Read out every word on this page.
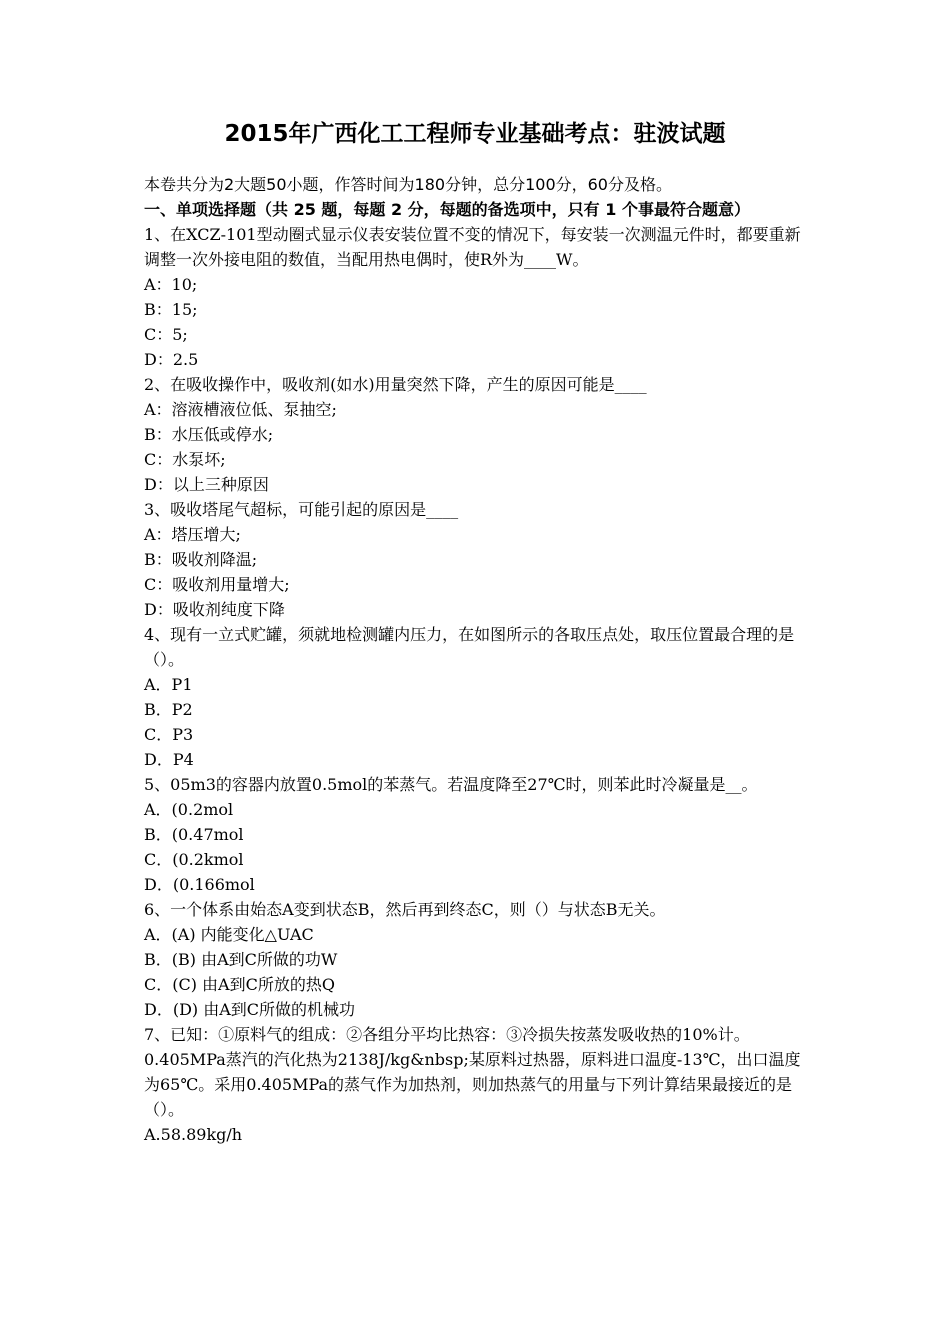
2015年广西化工工程师专业基础考点：驻波试题
本卷共分为2大题50小题，作答时间为180分钟，总分100分，60分及格。
一、单项选择题（共 25 题，每题 2 分，每题的备选项中，只有 1 个事最符合题意）
1、在XCZ-101型动圈式显示仪表安装位置不变的情况下，每安装一次测温元件时，都要重新调整一次外接电阻的数值，当配用热电偶时，使R外为____W。
A：10;
B：15;
C：5;
D：2.5
2、在吸收操作中，吸收剂(如水)用量突然下降，产生的原因可能是____
A：溶液槽液位低、泵抽空;
B：水压低或停水;
C：水泵坏;
D：以上三种原因
3、吸收塔尾气超标，可能引起的原因是____
A：塔压增大;
B：吸收剂降温;
C：吸收剂用量增大;
D：吸收剂纯度下降
4、现有一立式贮罐，须就地检测罐内压力，在如图所示的各取压点处，取压位置最合理的是（）。
A．P1
B．P2
C．P3
D．P4
5、05m3的容器内放置0.5mol的苯蒸气。若温度降至27℃时，则苯此时冷凝量是__。
A．(0.2mol
B．(0.47mol
C．(0.2kmol
D．(0.166mol
6、一个体系由始态A变到状态B，然后再到终态C，则（）与状态B无关。
A．(A) 内能变化△UAC
B．(B) 由A到C所做的功W
C．(C) 由A到C所放的热Q
D．(D) 由A到C所做的机械功
7、已知：①原料气的组成：②各组分平均比热容：③冷损失按蒸发吸收热的10%计。0.405MPa蒸汽的汽化热为2138J/kg&nbsp;某原料过热器，原料进口温度-13℃，出口温度为65℃。采用0.405MPa的蒸气作为加热剂，则加热蒸气的用量与下列计算结果最接近的是（）。
A.58.89kg/h
